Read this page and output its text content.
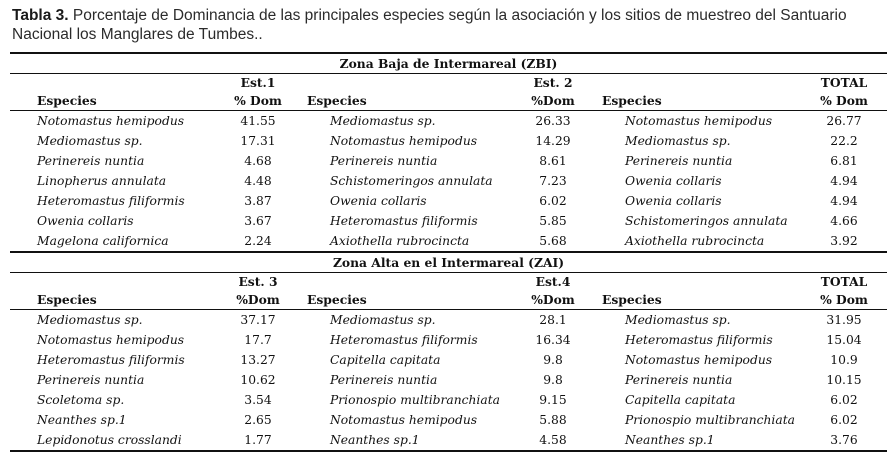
Tabla 3. Porcentaje de Dominancia de las principales especies según la asociación y los sitios de muestreo del Santuario Nacional los Manglares de Tumbes..
Zona Baja de Intermareal (ZBI)					
	Est.1		Est. 2		TOTAL
Especies	% Dom	Especies	%Dom	Especies	% Dom
Notomastus hemipodus	41.55	Mediomastus sp.	26.33	Notomastus hemipodus	26.77
Mediomastus sp.	17.31	Notomastus hemipodus	14.29	Mediomastus sp.	22.2
Perinereis nuntia	4.68	Perinereis nuntia	8.61	Perinereis nuntia	6.81
Linopherus annulata	4.48	Schistomeringos annulata	7.23	Owenia collaris	4.94
Heteromastus filiformis	3.87	Owenia collaris	6.02	Owenia collaris	4.94
Owenia collaris	3.67	Heteromastus filiformis	5.85	Schistomeringos annulata	4.66
Magelona californica	2.24	Axiothella rubrocincta	5.68	Axiothella rubrocincta	3.92
Zona Alta en el Intermareal (ZAI)					
	Est. 3		Est.4		TOTAL
Especies	%Dom	Especies	%Dom	Especies	% Dom
Mediomastus sp.	37.17	Mediomastus sp.	28.1	Mediomastus sp.	31.95
Notomastus hemipodus	17.7	Heteromastus filiformis	16.34	Heteromastus filiformis	15.04
Heteromastus filiformis	13.27	Capitella capitata	9.8	Notomastus hemipodus	10.9
Perinereis nuntia	10.62	Perinereis nuntia	9.8	Perinereis nuntia	10.15
Scoletoma sp.	3.54	Prionospio multibranchiata	9.15	Capitella capitata	6.02
Neanthes sp.1	2.65	Notomastus hemipodus	5.88	Prionospio multibranchiata	6.02
Lepidonotus crosslandi	1.77	Neanthes sp.1	4.58	Neanthes sp.1	3.76
